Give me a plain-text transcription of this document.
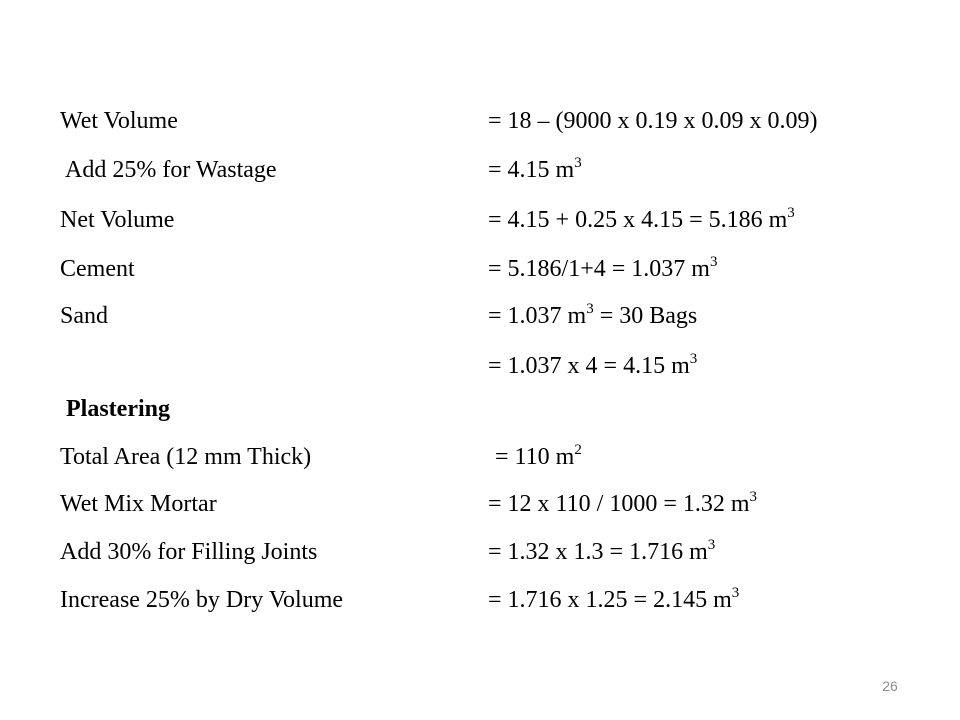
Wet Volume	= 18 – (9000 x 0.19 x 0.09 x 0.09)
Add 25% for Wastage	= 4.15 $m^3$
Net Volume	= 4.15 + 0.25 x 4.15 = 5.186 $m^3$
Cement	= 5.186/1+4 = 1.037 $m^3$
Sand	= 1.037 $m^3 = 30$ Bags
= 1.037 x 4 = 4.15 $m^3$
Plastering
Total Area (12 mm Thick)	= 110 $m^2$
Wet Mix Mortar	= 12 x 110 / 1000 = 1.32 $m^3$
Add 30% for Filling Joints	= 1.32 x 1.3 = 1.716 $m^3$
Increase 25% by Dry Volume	= 1.716 x 1.25 = 2.145 $m^3$
26
